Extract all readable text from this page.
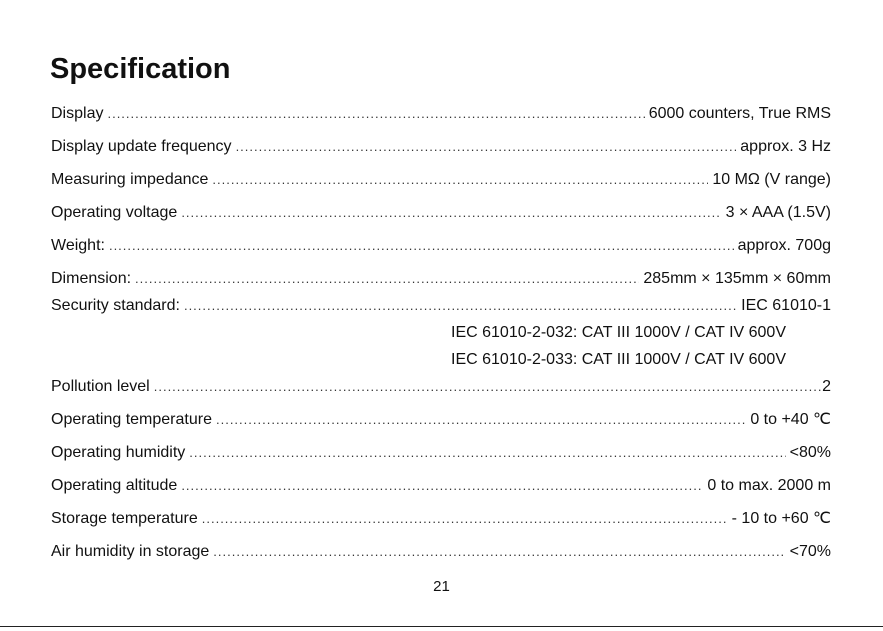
Specification
Display .....	6000 counters, True RMS
Display update frequency .....	approx. 3 Hz
Measuring impedance .....	10 MΩ (V range)
Operating voltage .....	3 × AAA (1.5V)
Weight: .....	approx. 700g
Dimension: .....	285mm × 135mm × 60mm
Security standard: .....	IEC 61010-1
IEC 61010-2-032: CAT III 1000V / CAT IV 600V
IEC 61010-2-033: CAT III 1000V / CAT IV 600V
Pollution level .....	2
Operating temperature .....	0 to +40 ℃
Operating humidity .....	<80%
Operating altitude .....	0 to max. 2000 m
Storage temperature .....	- 10 to +60 ℃
Air humidity in storage .....	<70%
21
